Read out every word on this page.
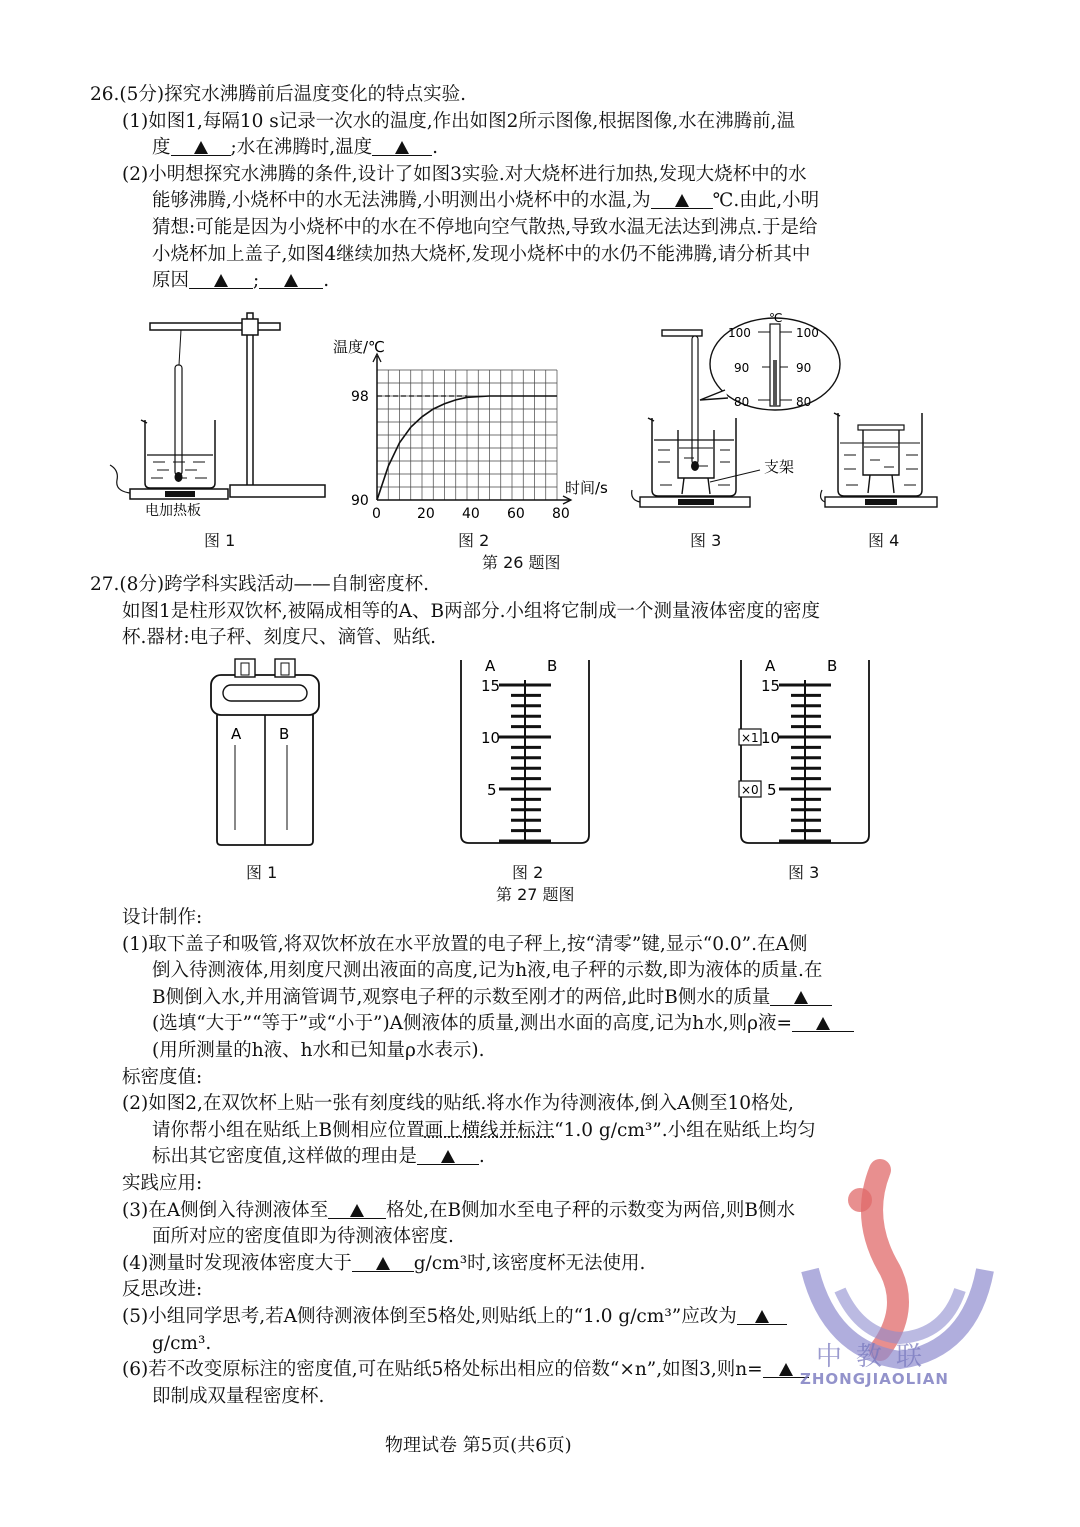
26.(5分)探究水沸腾前后温度变化的特点实验.
(1)如图1,每隔10 s记录一次水的温度,作出如图2所示图像,根据图像,水在沸腾前,温
度	;水在沸腾时,温度	.
(2)小明想探究水沸腾的条件,设计了如图3实验.对大烧杯进行加热,发现大烧杯中的水
能够沸腾,小烧杯中的水无法沸腾,小明测出小烧杯中的水温,为	℃.由此,小明
猜想:可能是因为小烧杯中的水在不停地向空气散热,导致水温无法达到沸点.于是给
小烧杯加上盖子,如图4继续加热大烧杯,发现小烧杯中的水仍不能沸腾,请分析其中
原因	;	.
电加热板
图 1
温度/℃
时间/s
0	20 40 60 80
90
98
图 2
℃
100	100
90	90
80	80
支架
图 3	图 4
第 26 题图
27.(8分)跨学科实践活动——自制密度杯.
如图1是柱形双饮杯,被隔成相等的A、B两部分.小组将它制成一个测量液体密度的密度
杯.器材:电子秤、刻度尺、滴管、贴纸.
A	B
图 1
A	B
15
10
5
图 2
A	B
15
10
5
×1
×0
图 3
第 27 题图
设计制作:
(1)取下盖子和吸管,将双饮杯放在水平放置的电子秤上,按“清零”键,显示“0.0”.在A侧
倒入待测液体,用刻度尺测出液面的高度,记为h液,电子秤的示数,即为液体的质量.在
B侧倒入水,并用滴管调节,观察电子秤的示数至刚才的两倍,此时B侧水的质量
(选填“大于”“等于”或“小于”)A侧液体的质量,测出水面的高度,记为h水,则ρ液=
(用所测量的h液、h水和已知量ρ水表示).
标密度值:
(2)如图2,在双饮杯上贴一张有刻度线的贴纸.将水作为待测液体,倒入A侧至10格处,
请你帮小组在贴纸上B侧相应位置画上横线并标注“1.0 g/cm³”.小组在贴纸上均匀
标出其它密度值,这样做的理由是	.
实践应用:
(3)在A侧倒入待测液体至	格处,在B侧加水至电子秤的示数变为两倍,则B侧水
面所对应的密度值即为待测液体密度.
(4)测量时发现液体密度大于	g/cm³时,该密度杯无法使用.
反思改进:
(5)小组同学思考,若A侧待测液体倒至5格处,则贴纸上的“1.0 g/cm³”应改为
g/cm³.
(6)若不改变原标注的密度值,可在贴纸5格处标出相应的倍数“×n”,如图3,则n=
即制成双量程密度杯.
物理试卷 第5页(共6页)
中教联
ZHONGJIAOLIAN
